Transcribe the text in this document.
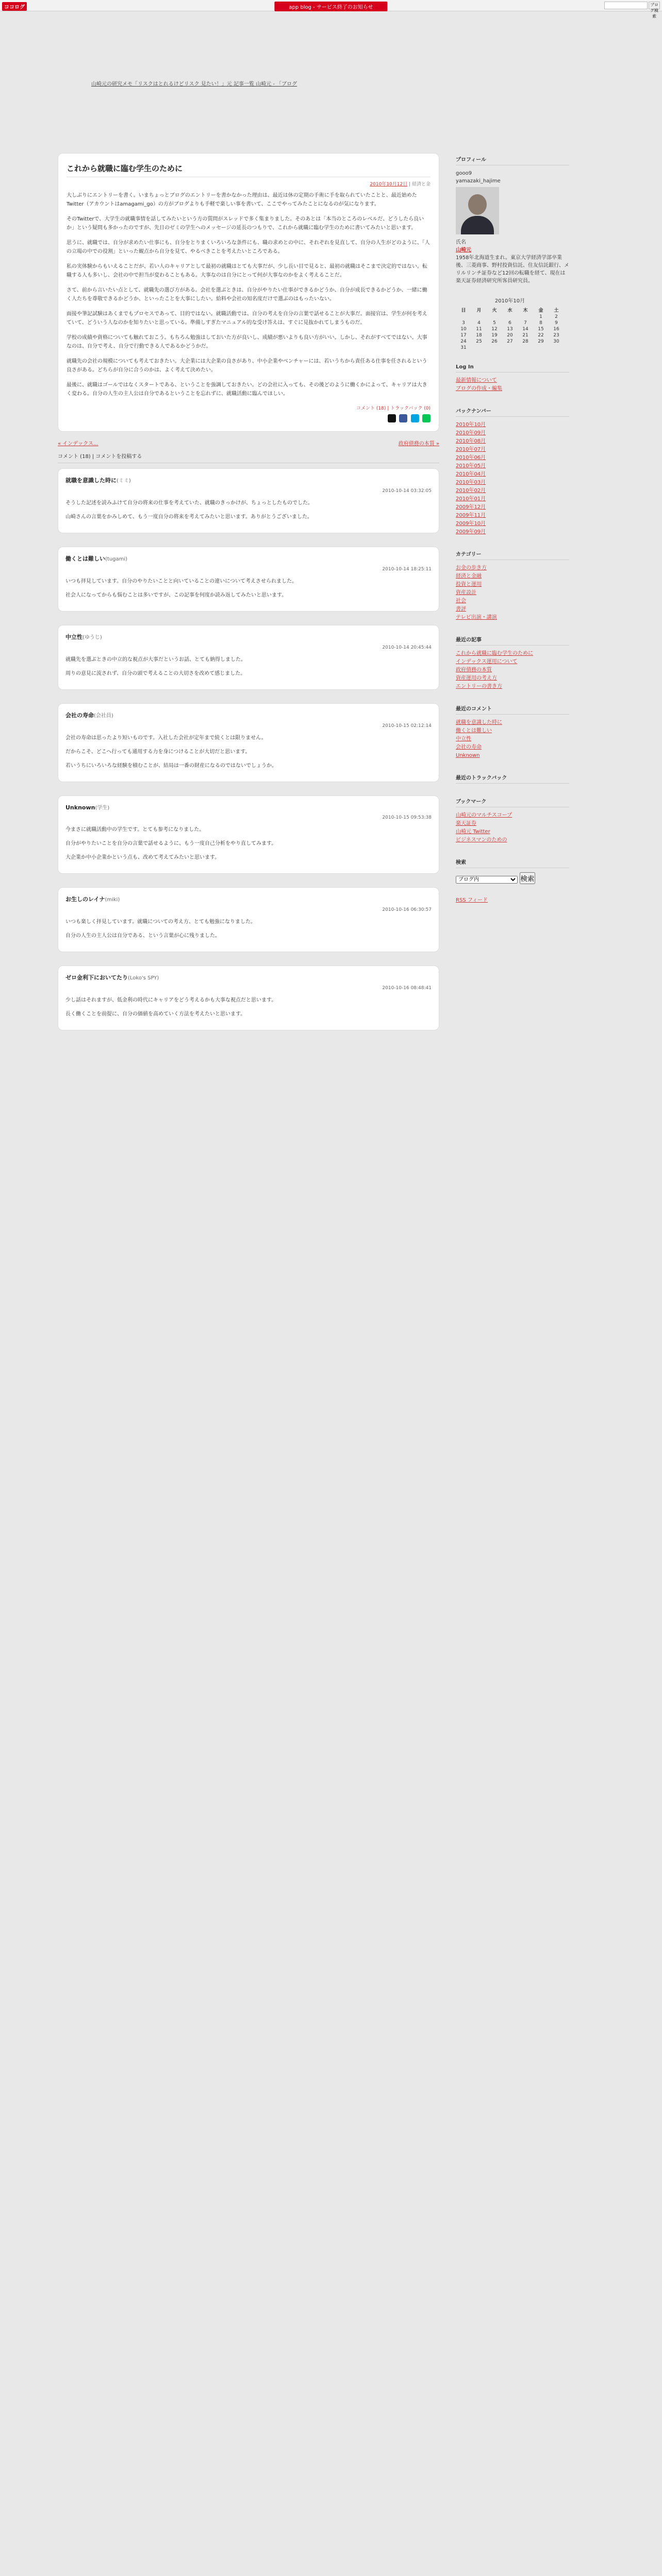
ココログ	app blog - サービス終了のお知らせ	ブログ検索
山崎元の研究メモ「リスクはとれるけどリスク 見たい！」元 記事一覧 山崎元 - 「ブログ
これから就職に臨む学生のために
2010年10月12日 | 経済と金

大しぶりにエントリーを書く。いまちょっとブログのエントリーを書かなかった理由は、最近は休の定期の手術に手を取られていたことと、最近始めたTwitter（アカウントはamagami_go）の方がブログよりも手軽で楽しい事を書いて、ここでやってみたことになるのが気になります。

そのTwitterで、大学生の就職事情を話してみたいという方の質問がスレッドで多く集まりました。そのあとは「本当のところのレベルだ、どうしたら良いか」という疑問も多かったのですが、先日のゼミの学生へのメッセージの延長のつもりで、これから就職に臨む学生のために書いてみたいと思います。

思うに、就職では、自分が求めたい仕事にも、自分をとりまくいろいろな条件にも、職の求めとの中に、それぞれを見直して、自分の人生がどのように、「人の立場の中での役割」といった観点から自分を見て、やるべきことを考えたいところである。

私の実体験からもいえることだが、若い人のキャリアとして最初の就職はとても大事だが、少し長い目で見ると、最初の就職はそこまで決定的ではない。転職する人も多いし、会社の中で担当が変わることもある。大事なのは自分にとって何が大事なのかをよく考えることだ。

さて、前から言いたい点として、就職先の選び方がある。会社を選ぶときは、自分がやりたい仕事ができるかどうか、自分が成長できるかどうか、一緒に働く人たちを尊敬できるかどうか、といったことを大事にしたい。給料や会社の知名度だけで選ぶのはもったいない。

面接や筆記試験はあくまでもプロセスであって、目的ではない。就職活動では、自分の考えを自分の言葉で話せることが大事だ。面接官は、学生が何を考えていて、どういう人なのかを知りたいと思っている。準備しすぎたマニュアル的な受け答えは、すぐに見抜かれてしまうものだ。

学校の成績や資格についても触れておこう。もちろん勉強はしておいた方が良いし、成績が悪いよりも良い方がいい。しかし、それがすべてではない。大事なのは、自分で考え、自分で行動できる人であるかどうかだ。

就職先の会社の規模についても考えておきたい。大企業には大企業の良さがあり、中小企業やベンチャーには、若いうちから責任ある仕事を任されるという良さがある。どちらが自分に合うのかは、よく考えて決めたい。

最後に、就職はゴールではなくスタートである、ということを強調しておきたい。どの会社に入っても、その後どのように働くかによって、キャリアは大きく変わる。自分の人生の主人公は自分であるということを忘れずに、就職活動に臨んでほしい。

コメント (18) | トラックバック (0)

« インデックス...	政府債務の本質 »
コメント (18) | コメントを投稿する
就職を意識した時に(ミミ)
2010-10-14 03:32:05

そうした記述を読みふけて自分の将来の仕事を考えていた、就職のきっかけが、ちょっとしたものでした。

山崎さんの言葉をかみしめて、もう一度自分の将来を考えてみたいと思います。ありがとうございました。

働くとは難しい(tugami)
2010-10-14 18:25:11

いつも拝見しています。自分のやりたいことと向いていることの違いについて考えさせられました。

社会人になってからも悩むことは多いですが、この記事を何度か読み返してみたいと思います。

中立性(ゆうじ)
2010-10-14 20:45:44

就職先を選ぶときの中立的な視点が大事だというお話、とても納得しました。

周りの意見に流されず、自分の頭で考えることの大切さを改めて感じました。

会社の寿命(会社員)
2010-10-15 02:12:14

会社の寿命は思ったより短いものです。入社した会社が定年まで続くとは限りません。

だからこそ、どこへ行っても通用する力を身につけることが大切だと思います。

若いうちにいろいろな経験を積むことが、結局は一番の財産になるのではないでしょうか。

Unknown(学生)
2010-10-15 09:53:38

今まさに就職活動中の学生です。とても参考になりました。

自分がやりたいことを自分の言葉で話せるように、もう一度自己分析をやり直してみます。

大企業か中小企業かという点も、改めて考えてみたいと思います。

お生しのレイナ(miki)
2010-10-16 06:30:57

いつも楽しく拝見しています。就職についての考え方、とても勉強になりました。

自分の人生の主人公は自分である、という言葉が心に残りました。

ゼロ金利下においてたり(Loko's SPY)
2010-10-16 08:48:41

少し話はそれますが、低金利の時代にキャリアをどう考えるかも大事な視点だと思います。

長く働くことを前提に、自分の価値を高めていく方法を考えたいと思います。

プロフィール

gooo9

yamazaki_hajime

氏名

山崎元

1958年北海道生まれ。東京大学経済学部卒業後、三菱商事、野村投資信託、住友信託銀行、メリルリンチ証券など12回の転職を経て、現在は楽天証券経済研究所客員研究員。

2010年10月
日	月	火	水	木	金	土
					1	2
3	4	5	6	7	8	9
10	11	12	13	14	15	16
17	18	19	20	21	22	23
24	25	26	27	28	29	30
31						
Log In
最新情報について
ブログの作成・編集
バックナンバー
2010年10月
2010年09月
2010年08月
2010年07月
2010年06月
2010年05月
2010年04月
2010年03月
2010年02月
2010年01月
2009年12月
2009年11月
2009年10月
2009年09月
カテゴリー
お金の歩き方
経済と金融
投資と運用
資産設計
社会
書評
テレビ出演・講演
最近の記事
これから就職に臨む学生のために
インデックス運用について
政府債務の本質
資産運用の考え方
エントリーの書き方
最近のコメント
就職を意識した時に
働くとは難しい
中立性
会社の寿命
Unknown
最近のトラックバック
ブックマーク
山崎元のマルチスコープ
楽天証券
山崎元 Twitter
ビジネスマンのための
検索
ブログ内 検索
RSS フィード
